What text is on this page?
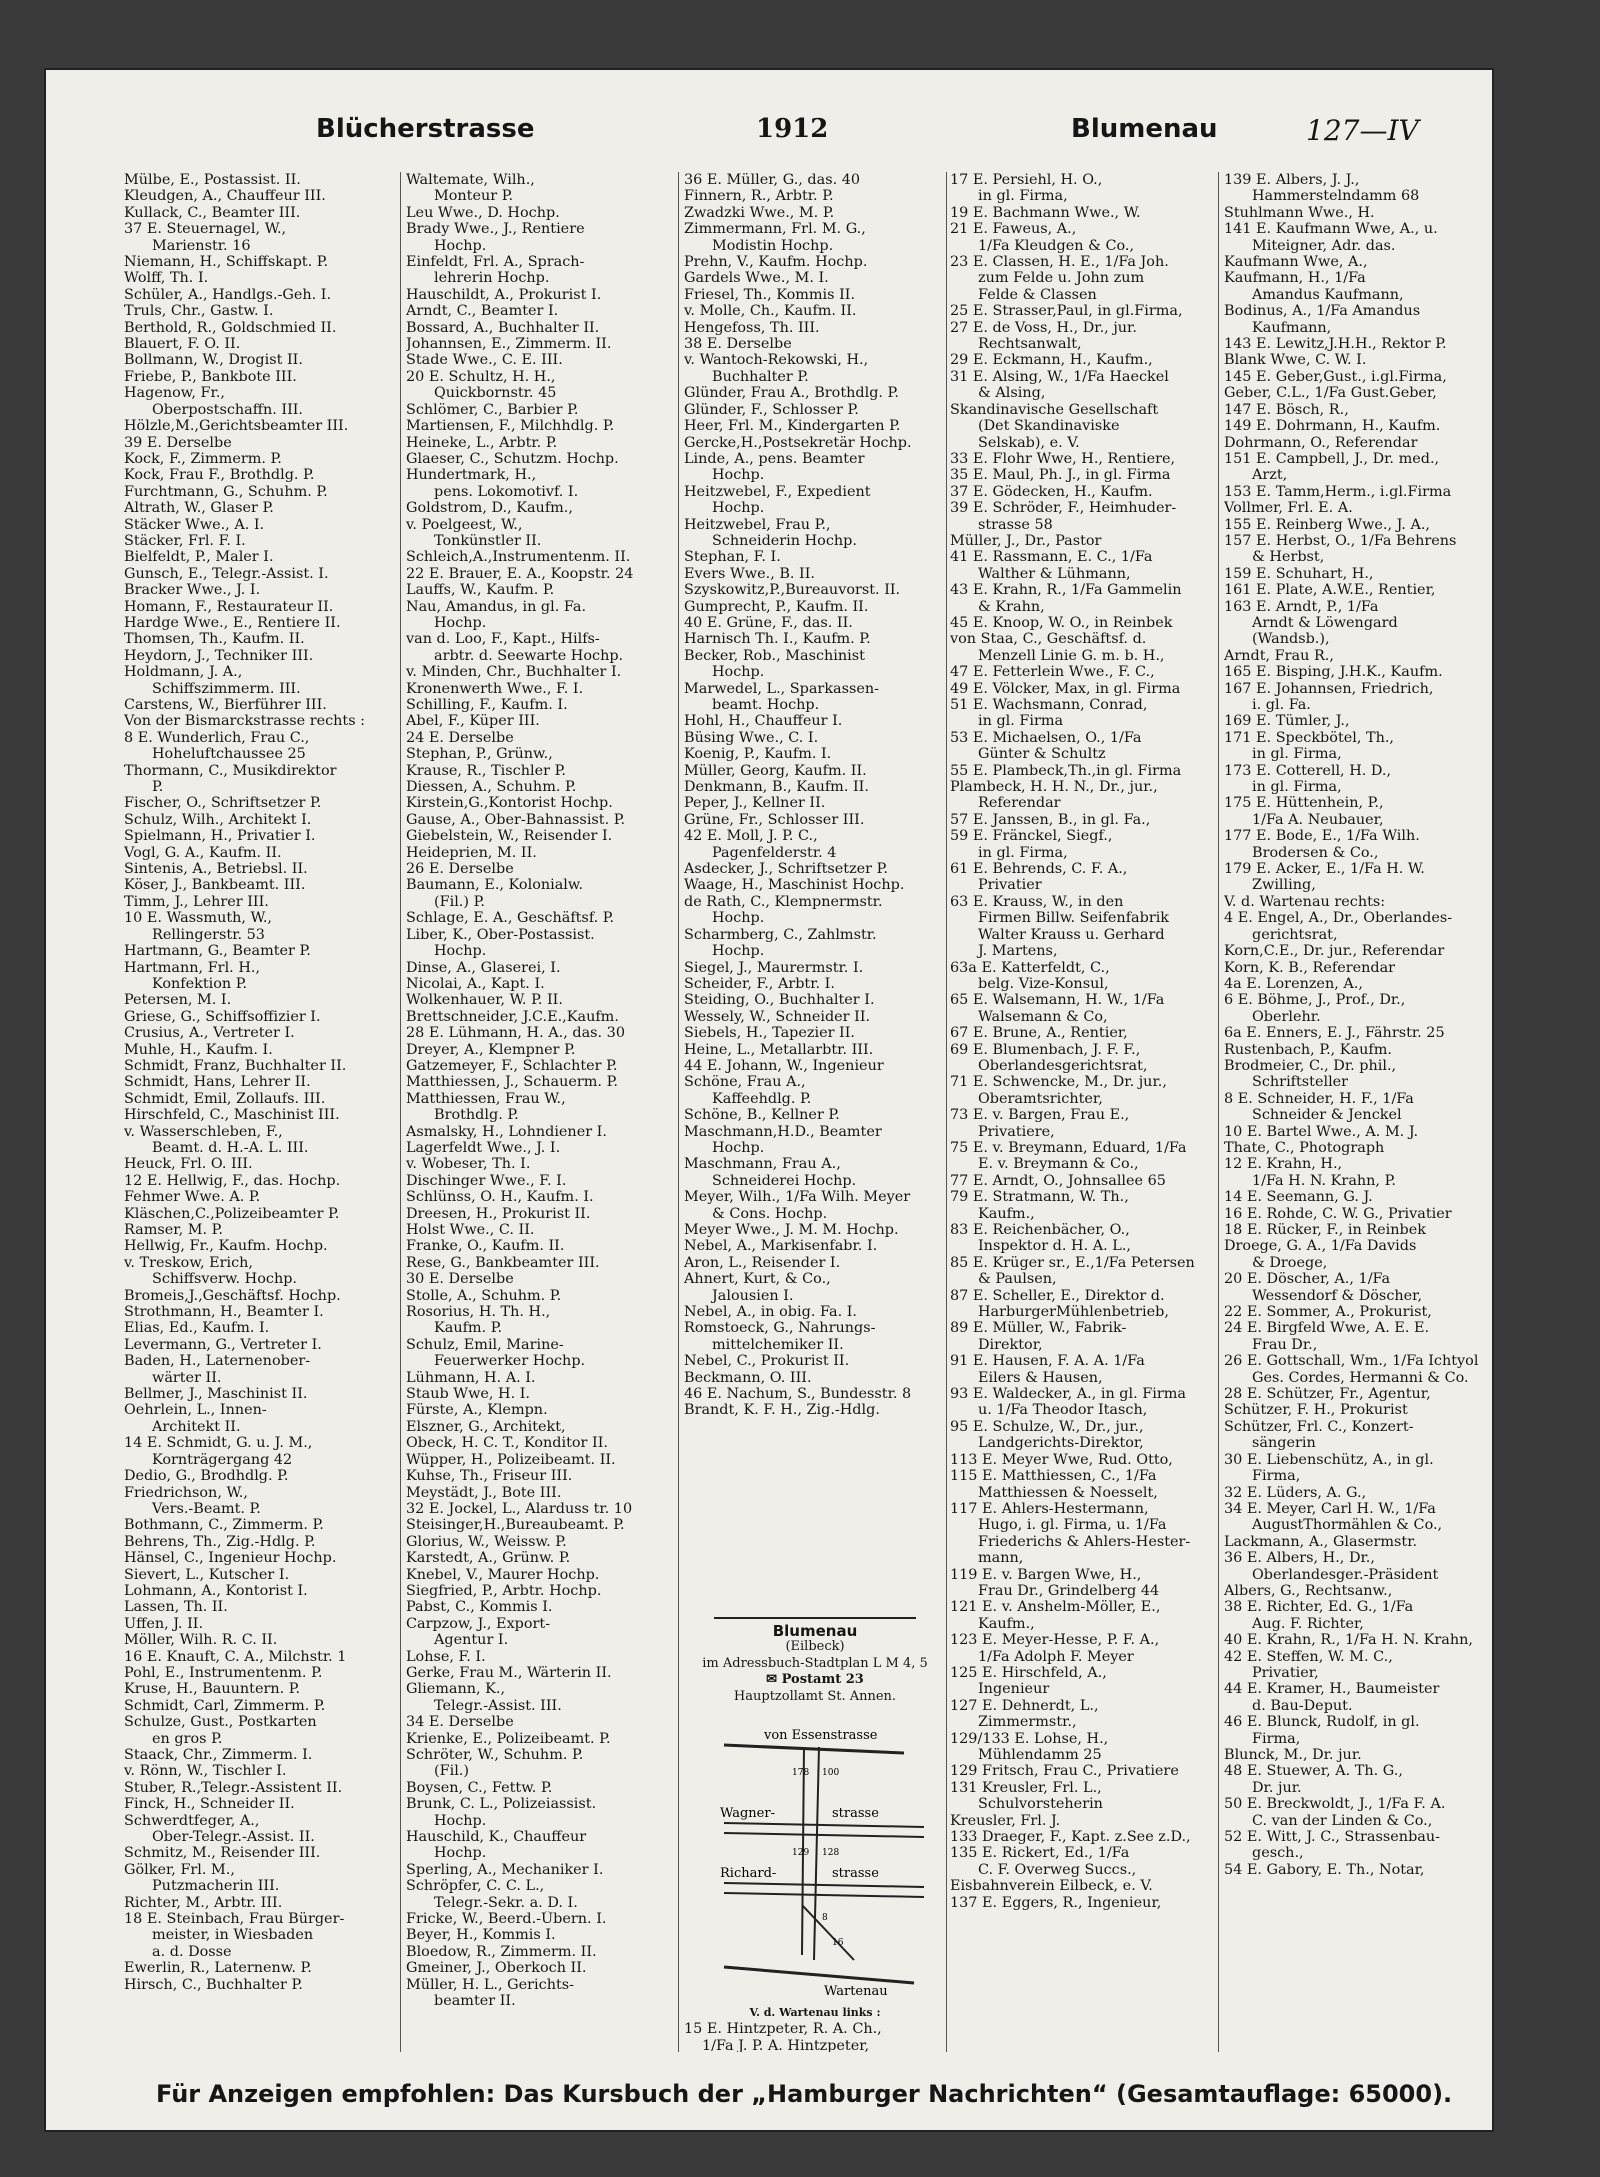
Blücherstrasse	1912	Blumenau	127—IV
Mülbe, E., Postassist. II.
Kleudgen, A., Chauffeur III.
Kullack, C., Beamter III.
37 E. Steuernagel, W.,
Marienstr. 16
Niemann, H., Schiffskapt. P.
Wolff, Th. I.
Schüler, A., Handlgs.-Geh. I.
Truls, Chr., Gastw. I.
Berthold, R., Goldschmied II.
Blauert, F. O. II.
Bollmann, W., Drogist II.
Friebe, P., Bankbote III.
Hagenow, Fr.,
Oberpostschaffn. III.
Hölzle,M.,Gerichtsbeamter III.
39 E. Derselbe
Kock, F., Zimmerm. P.
Kock, Frau F., Brothdlg. P.
Furchtmann, G., Schuhm. P.
Altrath, W., Glaser P.
Stäcker Wwe., A. I.
Stäcker, Frl. F. I.
Bielfeldt, P., Maler I.
Gunsch, E., Telegr.-Assist. I.
Bracker Wwe., J. I.
Homann, F., Restaurateur II.
Hardge Wwe., E., Rentiere II.
Thomsen, Th., Kaufm. II.
Heydorn, J., Techniker III.
Holdmann, J. A.,
Schiffszimmerm. III.
Carstens, W., Bierführer III.
Von der Bismarckstrasse rechts :
8 E. Wunderlich, Frau C.,
Hoheluftchaussee 25
Thormann, C., Musikdirektor
P.
Fischer, O., Schriftsetzer P.
Schulz, Wilh., Architekt I.
Spielmann, H., Privatier I.
Vogl, G. A., Kaufm. II.
Sintenis, A., Betriebsl. II.
Köser, J., Bankbeamt. III.
Timm, J., Lehrer III.
10 E. Wassmuth, W.,
Rellingerstr. 53
Hartmann, G., Beamter P.
Hartmann, Frl. H.,
Konfektion P.
Petersen, M. I.
Griese, G., Schiffsoffizier I.
Crusius, A., Vertreter I.
Muhle, H., Kaufm. I.
Schmidt, Franz, Buchhalter II.
Schmidt, Hans, Lehrer II.
Schmidt, Emil, Zollaufs. III.
Hirschfeld, C., Maschinist III.
v. Wasserschleben, F.,
Beamt. d. H.-A. L. III.
Heuck, Frl. O. III.
12 E. Hellwig, F., das. Hochp.
Fehmer Wwe. A. P.
Kläschen,C.,Polizeibeamter P.
Ramser, M. P.
Hellwig, Fr., Kaufm. Hochp.
v. Treskow, Erich,
Schiffsverw. Hochp.
Bromeis,J.,Geschäftsf. Hochp.
Strothmann, H., Beamter I.
Elias, Ed., Kaufm. I.
Levermann, G., Vertreter I.
Baden, H., Laternenober-
wärter II.
Bellmer, J., Maschinist II.
Oehrlein, L., Innen-
Architekt II.
14 E. Schmidt, G. u. J. M.,
Kornträgergang 42
Dedio, G., Brodhdlg. P.
Friedrichson, W.,
Vers.-Beamt. P.
Bothmann, C., Zimmerm. P.
Behrens, Th., Zig.-Hdlg. P.
Hänsel, C., Ingenieur Hochp.
Sievert, L., Kutscher I.
Lohmann, A., Kontorist I.
Lassen, Th. II.
Uffen, J. II.
Möller, Wilh. R. C. II.
16 E. Knauft, C. A., Milchstr. 1
Pohl, E., Instrumentenm. P.
Kruse, H., Bauuntern. P.
Schmidt, Carl, Zimmerm. P.
Schulze, Gust., Postkarten
en gros P.
Staack, Chr., Zimmerm. I.
v. Rönn, W., Tischler I.
Stuber, R.,Telegr.-Assistent II.
Finck, H., Schneider II.
Schwerdtfeger, A.,
Ober-Telegr.-Assist. II.
Schmitz, M., Reisender III.
Gölker, Frl. M.,
Putzmacherin III.
Richter, M., Arbtr. III.
18 E. Steinbach, Frau Bürger-
meister, in Wiesbaden
a. d. Dosse
Ewerlin, R., Laternenw. P.
Hirsch, C., Buchhalter P.
Waltemate, Wilh.,
Monteur P.
Leu Wwe., D. Hochp.
Brady Wwe., J., Rentiere
Hochp.
Einfeldt, Frl. A., Sprach-
lehrerin Hochp.
Hauschildt, A., Prokurist I.
Arndt, C., Beamter I.
Bossard, A., Buchhalter II.
Johannsen, E., Zimmerm. II.
Stade Wwe., C. E. III.
20 E. Schultz, H. H.,
Quickbornstr. 45
Schlömer, C., Barbier P.
Martiensen, F., Milchhdlg. P.
Heineke, L., Arbtr. P.
Glaeser, C., Schutzm. Hochp.
Hundertmark, H.,
pens. Lokomotivf. I.
Goldstrom, D., Kaufm.,
v. Poelgeest, W.,
Tonkünstler II.
Schleich,A.,Instrumentenm. II.
22 E. Brauer, E. A., Koopstr. 24
Lauffs, W., Kaufm. P.
Nau, Amandus, in gl. Fa.
Hochp.
van d. Loo, F., Kapt., Hilfs-
arbtr. d. Seewarte Hochp.
v. Minden, Chr., Buchhalter I.
Kronenwerth Wwe., F. I.
Schilling, F., Kaufm. I.
Abel, F., Küper III.
24 E. Derselbe
Stephan, P., Grünw.,
Krause, R., Tischler P.
Diessen, A., Schuhm. P.
Kirstein,G.,Kontorist Hochp.
Gause, A., Ober-Bahnassist. P.
Giebelstein, W., Reisender I.
Heideprien, M. II.
26 E. Derselbe
Baumann, E., Kolonialw.
(Fil.) P.
Schlage, E. A., Geschäftsf. P.
Liber, K., Ober-Postassist.
Hochp.
Dinse, A., Glaserei, I.
Nicolai, A., Kapt. I.
Wolkenhauer, W. P. II.
Brettschneider, J.C.E.,Kaufm.
28 E. Lühmann, H. A., das. 30
Dreyer, A., Klempner P.
Gatzemeyer, F., Schlachter P.
Matthiessen, J., Schauerm. P.
Matthiessen, Frau W.,
Brothdlg. P.
Asmalsky, H., Lohndiener I.
Lagerfeldt Wwe., J. I.
v. Wobeser, Th. I.
Dischinger Wwe., F. I.
Schlünss, O. H., Kaufm. I.
Dreesen, H., Prokurist II.
Holst Wwe., C. II.
Franke, O., Kaufm. II.
Rese, G., Bankbeamter III.
30 E. Derselbe
Stolle, A., Schuhm. P.
Rosorius, H. Th. H.,
Kaufm. P.
Schulz, Emil, Marine-
Feuerwerker Hochp.
Lühmann, H. A. I.
Staub Wwe, H. I.
Fürste, A., Klempn.
Elszner, G., Architekt,
Obeck, H. C. T., Konditor II.
Wüpper, H., Polizeibeamt. II.
Kuhse, Th., Friseur III.
Meystädt, J., Bote III.
32 E. Jockel, L., Alarduss tr. 10
Steisinger,H.,Bureaubeamt. P.
Glorius, W., Weissw. P.
Karstedt, A., Grünw. P.
Knebel, V., Maurer Hochp.
Siegfried, P., Arbtr. Hochp.
Pabst, C., Kommis I.
Carpzow, J., Export-
Agentur I.
Lohse, F. I.
Gerke, Frau M., Wärterin II.
Gliemann, K.,
Telegr.-Assist. III.
34 E. Derselbe
Krienke, E., Polizeibeamt. P.
Schröter, W., Schuhm. P.
(Fil.)
Boysen, C., Fettw. P.
Brunk, C. L., Polizeiassist.
Hochp.
Hauschild, K., Chauffeur
Hochp.
Sperling, A., Mechaniker I.
Schröpfer, C. C. L.,
Telegr.-Sekr. a. D. I.
Fricke, W., Beerd.-Übern. I.
Beyer, H., Kommis I.
Bloedow, R., Zimmerm. II.
Gmeiner, J., Oberkoch II.
Müller, H. L., Gerichts-
beamter II.
36 E. Müller, G., das. 40
Finnern, R., Arbtr. P.
Zwadzki Wwe., M. P.
Zimmermann, Frl. M. G.,
Modistin Hochp.
Prehn, V., Kaufm. Hochp.
Gardels Wwe., M. I.
Friesel, Th., Kommis II.
v. Molle, Ch., Kaufm. II.
Hengefoss, Th. III.
38 E. Derselbe
v. Wantoch-Rekowski, H.,
Buchhalter P.
Glünder, Frau A., Brothdlg. P.
Glünder, F., Schlosser P.
Heer, Frl. M., Kindergarten P.
Gercke,H.,Postsekretär Hochp.
Linde, A., pens. Beamter
Hochp.
Heitzwebel, F., Expedient
Hochp.
Heitzwebel, Frau P.,
Schneiderin Hochp.
Stephan, F. I.
Evers Wwe., B. II.
Szyskowitz,P.,Bureauvorst. II.
Gumprecht, P., Kaufm. II.
40 E. Grüne, F., das. II.
Harnisch Th. I., Kaufm. P.
Becker, Rob., Maschinist
Hochp.
Marwedel, L., Sparkassen-
beamt. Hochp.
Hohl, H., Chauffeur I.
Büsing Wwe., C. I.
Koenig, P., Kaufm. I.
Müller, Georg, Kaufm. II.
Denkmann, B., Kaufm. II.
Peper, J., Kellner II.
Grüne, Fr., Schlosser III.
42 E. Moll, J. P. C.,
Pagenfelderstr. 4
Asdecker, J., Schriftsetzer P.
Waage, H., Maschinist Hochp.
de Rath, C., Klempnermstr.
Hochp.
Scharmberg, C., Zahlmstr.
Hochp.
Siegel, J., Maurermstr. I.
Scheider, F., Arbtr. I.
Steiding, O., Buchhalter I.
Wessely, W., Schneider II.
Siebels, H., Tapezier II.
Heine, L., Metallarbtr. III.
44 E. Johann, W., Ingenieur
Schöne, Frau A.,
Kaffeehdlg. P.
Schöne, B., Kellner P.
Maschmann,H.D., Beamter
Hochp.
Maschmann, Frau A.,
Schneiderei Hochp.
Meyer, Wilh., 1/Fa Wilh. Meyer
& Cons. Hochp.
Meyer Wwe., J. M. M. Hochp.
Nebel, A., Markisenfabr. I.
Aron, L., Reisender I.
Ahnert, Kurt, & Co.,
Jalousien I.
Nebel, A., in obig. Fa. I.
Romstoeck, G., Nahrungs-
mittelchemiker II.
Nebel, C., Prokurist II.
Beckmann, O. III.
46 E. Nachum, S., Bundesstr. 8
Brandt, K. F. H., Zig.-Hdlg.
Blumenau
(Eilbeck)
im Adressbuch-Stadtplan L M 4, 5
✉ Postamt 23
Hauptzollamt St. Annen.
von Essenstrasse
Wagner-	strasse
Richard-	strasse
Wartenau
178 100
129 128
8
16
V. d. Wartenau links :
15 E. Hintzpeter, R. A. Ch.,
1/Fa J. P. A. Hintzpeter,
17 E. Persiehl, H. O.,
in gl. Firma,
19 E. Bachmann Wwe., W.
21 E. Faweus, A.,
1/Fa Kleudgen & Co.,
23 E. Classen, H. E., 1/Fa Joh.
zum Felde u. John zum
Felde & Classen
25 E. Strasser,Paul, in gl.Firma,
27 E. de Voss, H., Dr., jur.
Rechtsanwalt,
29 E. Eckmann, H., Kaufm.,
31 E. Alsing, W., 1/Fa Haeckel
& Alsing,
Skandinavische Gesellschaft
(Det Skandinaviske
Selskab), e. V.
33 E. Flohr Wwe, H., Rentiere,
35 E. Maul, Ph. J., in gl. Firma
37 E. Gödecken, H., Kaufm.
39 E. Schröder, F., Heimhuder-
strasse 58
Müller, J., Dr., Pastor
41 E. Rassmann, E. C., 1/Fa
Walther & Lühmann,
43 E. Krahn, R., 1/Fa Gammelin
& Krahn,
45 E. Knoop, W. O., in Reinbek
von Staa, C., Geschäftsf. d.
Menzell Linie G. m. b. H.,
47 E. Fetterlein Wwe., F. C.,
49 E. Völcker, Max, in gl. Firma
51 E. Wachsmann, Conrad,
in gl. Firma
53 E. Michaelsen, O., 1/Fa
Günter & Schultz
55 E. Plambeck,Th.,in gl. Firma
Plambeck, H. H. N., Dr., jur.,
Referendar
57 E. Janssen, B., in gl. Fa.,
59 E. Fränckel, Siegf.,
in gl. Firma,
61 E. Behrends, C. F. A.,
Privatier
63 E. Krauss, W., in den
Firmen Billw. Seifenfabrik
Walter Krauss u. Gerhard
J. Martens,
63a E. Katterfeldt, C.,
belg. Vize-Konsul,
65 E. Walsemann, H. W., 1/Fa
Walsemann & Co,
67 E. Brune, A., Rentier,
69 E. Blumenbach, J. F. F.,
Oberlandesgerichtsrat,
71 E. Schwencke, M., Dr. jur.,
Oberamtsrichter,
73 E. v. Bargen, Frau E.,
Privatiere,
75 E. v. Breymann, Eduard, 1/Fa
E. v. Breymann & Co.,
77 E. Arndt, O., Johnsallee 65
79 E. Stratmann, W. Th.,
Kaufm.,
83 E. Reichenbächer, O.,
Inspektor d. H. A. L.,
85 E. Krüger sr., E.,1/Fa Petersen
& Paulsen,
87 E. Scheller, E., Direktor d.
HarburgerMühlenbetrieb,
89 E. Müller, W., Fabrik-
Direktor,
91 E. Hausen, F. A. A. 1/Fa
Eilers & Hausen,
93 E. Waldecker, A., in gl. Firma
u. 1/Fa Theodor Itasch,
95 E. Schulze, W., Dr., jur.,
Landgerichts-Direktor,
113 E. Meyer Wwe, Rud. Otto,
115 E. Matthiessen, C., 1/Fa
Matthiessen & Noesselt,
117 E. Ahlers-Hestermann,
Hugo, i. gl. Firma, u. 1/Fa
Friederichs & Ahlers-Hester-
mann,
119 E. v. Bargen Wwe, H.,
Frau Dr., Grindelberg 44
121 E. v. Anshelm-Möller, E.,
Kaufm.,
123 E. Meyer-Hesse, P. F. A.,
1/Fa Adolph F. Meyer
125 E. Hirschfeld, A.,
Ingenieur
127 E. Dehnerdt, L.,
Zimmermstr.,
129/133 E. Lohse, H.,
Mühlendamm 25
129 Fritsch, Frau C., Privatiere
131 Kreusler, Frl. L.,
Schulvorsteherin
Kreusler, Frl. J.
133 Draeger, F., Kapt. z.See z.D.,
135 E. Rickert, Ed., 1/Fa
C. F. Overweg Succs.,
Eisbahnverein Eilbeck, e. V.
137 E. Eggers, R., Ingenieur,
139 E. Albers, J. J.,
Hammerstelndamm 68
Stuhlmann Wwe., H.
141 E. Kaufmann Wwe, A., u.
Miteigner, Adr. das.
Kaufmann Wwe, A.,
Kaufmann, H., 1/Fa
Amandus Kaufmann,
Bodinus, A., 1/Fa Amandus
Kaufmann,
143 E. Lewitz,J.H.H., Rektor P.
Blank Wwe, C. W. I.
145 E. Geber,Gust., i.gl.Firma,
Geber, C.L., 1/Fa Gust.Geber,
147 E. Bösch, R.,
149 E. Dohrmann, H., Kaufm.
Dohrmann, O., Referendar
151 E. Campbell, J., Dr. med.,
Arzt,
153 E. Tamm,Herm., i.gl.Firma
Vollmer, Frl. E. A.
155 E. Reinberg Wwe., J. A.,
157 E. Herbst, O., 1/Fa Behrens
& Herbst,
159 E. Schuhart, H.,
161 E. Plate, A.W.E., Rentier,
163 E. Arndt, P., 1/Fa
Arndt & Löwengard
(Wandsb.),
Arndt, Frau R.,
165 E. Bisping, J.H.K., Kaufm.
167 E. Johannsen, Friedrich,
i. gl. Fa.
169 E. Tümler, J.,
171 E. Speckbötel, Th.,
in gl. Firma,
173 E. Cotterell, H. D.,
in gl. Firma,
175 E. Hüttenhein, P.,
1/Fa A. Neubauer,
177 E. Bode, E., 1/Fa Wilh.
Brodersen & Co.,
179 E. Acker, E., 1/Fa H. W.
Zwilling,
V. d. Wartenau rechts:
4 E. Engel, A., Dr., Oberlandes-
gerichtsrat,
Korn,C.E., Dr. jur., Referendar
Korn, K. B., Referendar
4a E. Lorenzen, A.,
6 E. Böhme, J., Prof., Dr.,
Oberlehr.
6a E. Enners, E. J., Fährstr. 25
Rustenbach, P., Kaufm.
Brodmeier, C., Dr. phil.,
Schriftsteller
8 E. Schneider, H. F., 1/Fa
Schneider & Jenckel
10 E. Bartel Wwe., A. M. J.
Thate, C., Photograph
12 E. Krahn, H.,
1/Fa H. N. Krahn, P.
14 E. Seemann, G. J.
16 E. Rohde, C. W. G., Privatier
18 E. Rücker, F., in Reinbek
Droege, G. A., 1/Fa Davids
& Droege,
20 E. Döscher, A., 1/Fa
Wessendorf & Döscher,
22 E. Sommer, A., Prokurist,
24 E. Birgfeld Wwe, A. E. E.
Frau Dr.,
26 E. Gottschall, Wm., 1/Fa Ichtyol
Ges. Cordes, Hermanni & Co.
28 E. Schützer, Fr., Agentur,
Schützer, F. H., Prokurist
Schützer, Frl. C., Konzert-
sängerin
30 E. Liebenschütz, A., in gl.
Firma,
32 E. Lüders, A. G.,
34 E. Meyer, Carl H. W., 1/Fa
AugustThormählen & Co.,
Lackmann, A., Glasermstr.
36 E. Albers, H., Dr.,
Oberlandesger.-Präsident
Albers, G., Rechtsanw.,
38 E. Richter, Ed. G., 1/Fa
Aug. F. Richter,
40 E. Krahn, R., 1/Fa H. N. Krahn,
42 E. Steffen, W. M. C.,
Privatier,
44 E. Kramer, H., Baumeister
d. Bau-Deput.
46 E. Blunck, Rudolf, in gl.
Firma,
Blunck, M., Dr. jur.
48 E. Stuewer, A. Th. G.,
Dr. jur.
50 E. Breckwoldt, J., 1/Fa F. A.
C. van der Linden & Co.,
52 E. Witt, J. C., Strassenbau-
gesch.,
54 E. Gabory, E. Th., Notar,
Für Anzeigen empfohlen: Das Kursbuch der „Hamburger Nachrichten“ (Gesamtauflage: 65000).
